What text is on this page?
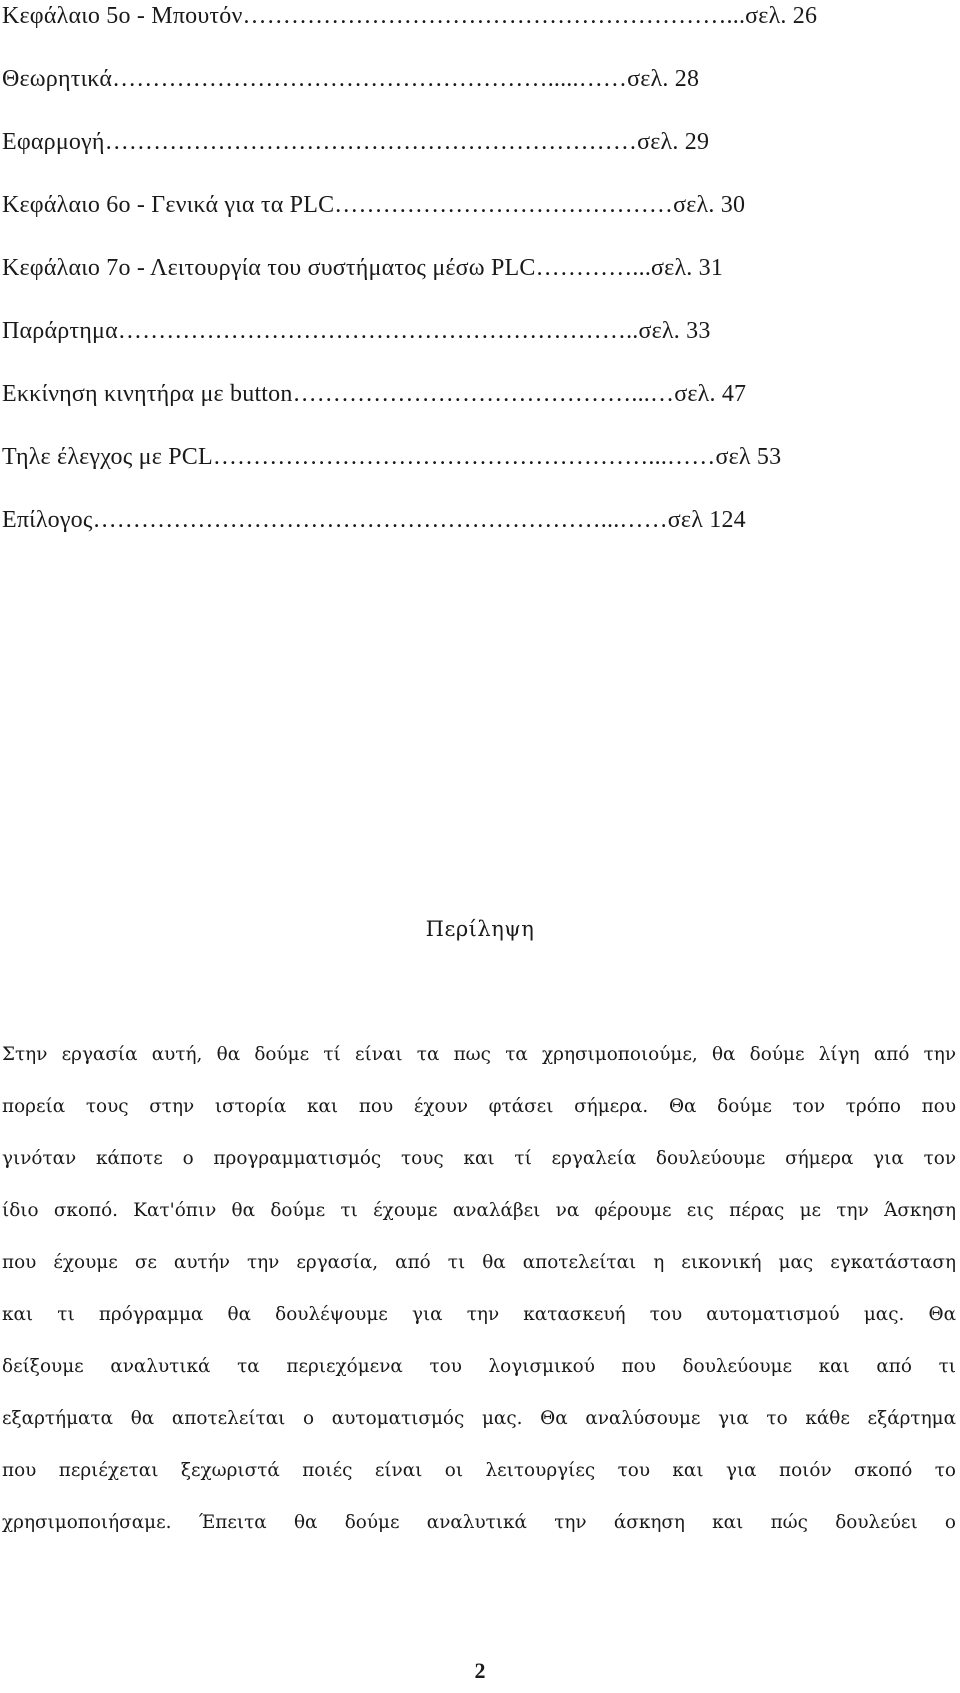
Κεφάλαιο 5ο - Μπουτόν……………………………………………………...σελ. 26
Θεωρητικά……………………………………………….....……σελ. 28
Εφαρμογή…………………………………………………………σελ. 29
Κεφάλαιο 6ο - Γενικά για τα PLC……………………………………σελ. 30
Κεφάλαιο 7ο - Λειτουργία του συστήματος μέσω PLC…………...σελ. 31
Παράρτημα………………………………………………………..σελ. 33
Εκκίνηση κινητήρα με button……………………………………...…σελ. 47
Τηλε έλεγχος με PCL………………………………………………...……σελ 53
Επίλογος………………………………………………………...……σελ 124
Περίληψη
Στην εργασία αυτή, θα δούμε τί είναι τα πως τα χρησιμοποιούμε, θα δούμε λίγη από την
πορεία τους στην ιστορία και που έχουν φτάσει σήμερα. Θα δούμε τον τρόπο που
γινόταν κάποτε ο προγραμματισμός τους και τί εργαλεία δουλεύουμε σήμερα για τον
ίδιο σκοπό. Κατ'όπιν θα δούμε τι έχουμε αναλάβει να φέρουμε εις πέρας με την Άσκηση
που έχουμε σε αυτήν την εργασία, από τι θα αποτελείται η εικονική μας εγκατάσταση
και τι πρόγραμμα θα δουλέψουμε για την κατασκευή του αυτοματισμού μας. Θα
δείξουμε αναλυτικά τα περιεχόμενα του λογισμικού που δουλεύουμε και από τι
εξαρτήματα θα αποτελείται ο αυτοματισμός μας. Θα αναλύσουμε για το κάθε εξάρτημα
που περιέχεται ξεχωριστά ποιές είναι οι λειτουργίες του και για ποιόν σκοπό το
χρησιμοποιήσαμε. Έπειτα θα δούμε αναλυτικά την άσκηση και πώς δουλεύει ο
2
